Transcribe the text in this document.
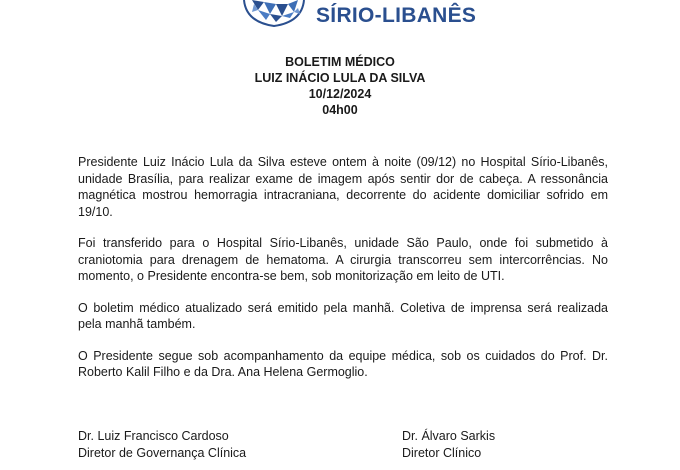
SÍRIO-LIBANÊS
BOLETIM MÉDICO
LUIZ INÁCIO LULA DA SILVA
10/12/2024
04h00

Presidente Luiz Inácio Lula da Silva esteve ontem à noite (09/12) no Hospital Sírio-Libanês, unidade Brasília, para realizar exame de imagem após sentir dor de cabeça. A ressonância magnética mostrou hemorragia intracraniana, decorrente do acidente domiciliar sofrido em 19/10.

Foi transferido para o Hospital Sírio-Libanês, unidade São Paulo, onde foi submetido à craniotomia para drenagem de hematoma. A cirurgia transcorreu sem intercorrências. No momento, o Presidente encontra-se bem, sob monitorização em leito de UTI.

O boletim médico atualizado será emitido pela manhã. Coletiva de imprensa será realizada pela manhã também.

O Presidente segue sob acompanhamento da equipe médica, sob os cuidados do Prof. Dr. Roberto Kalil Filho e da Dra. Ana Helena Germoglio.

Dr. Luiz Francisco Cardoso
Diretor de Governança Clínica
Dr. Álvaro Sarkis
Diretor Clínico
